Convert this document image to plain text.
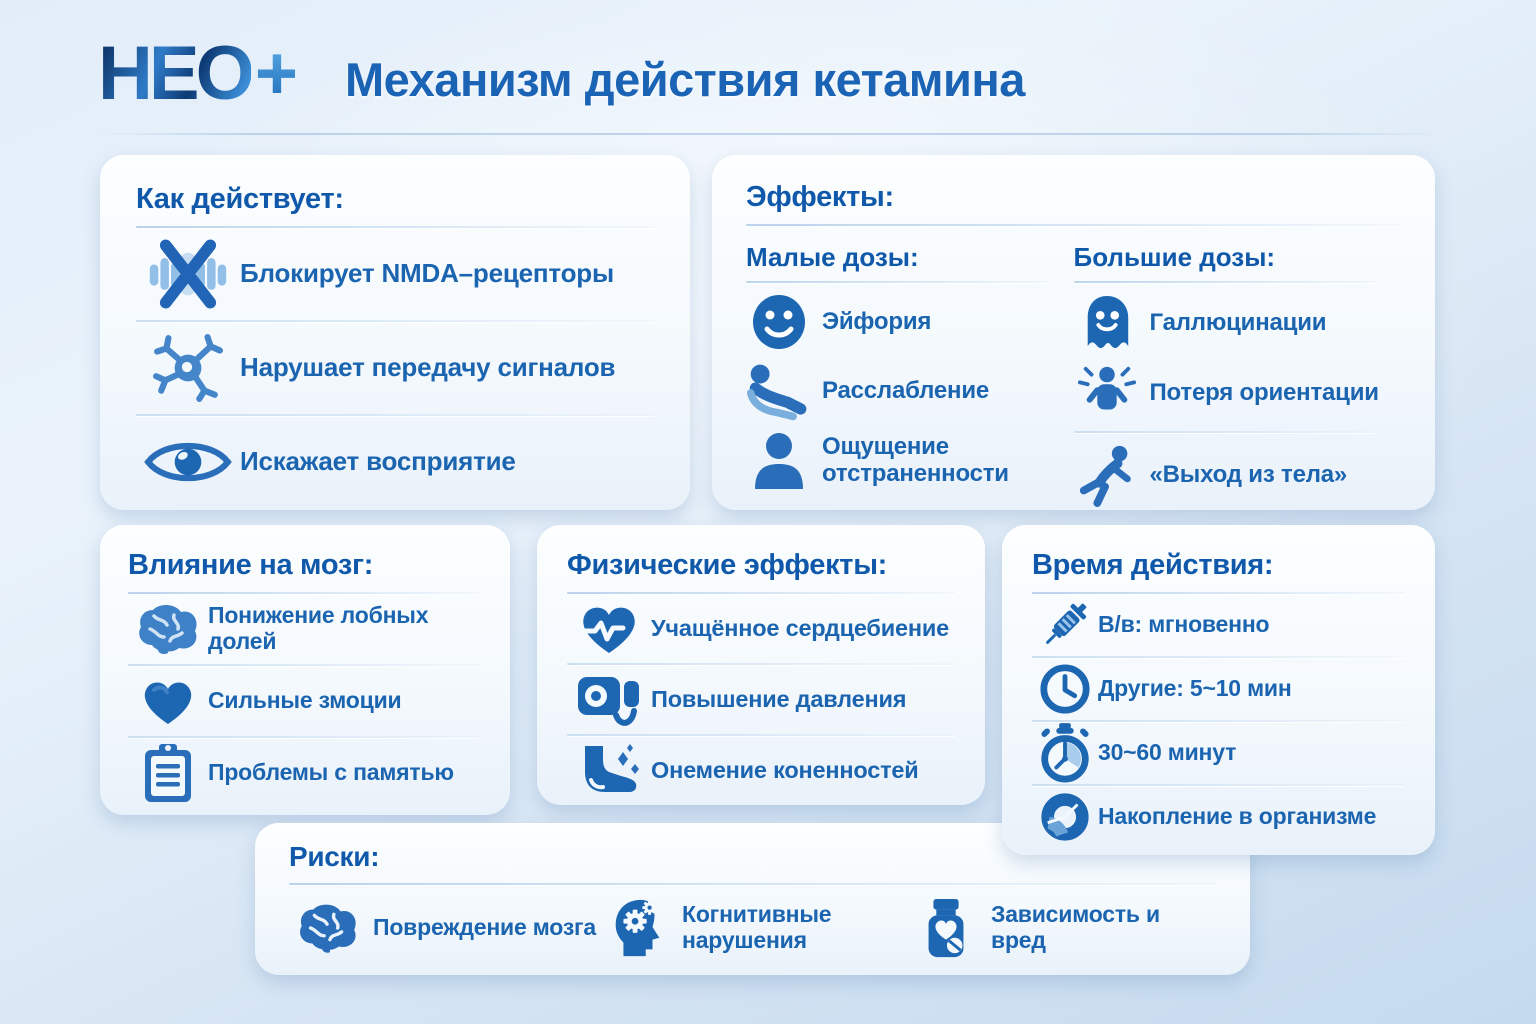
НЕО+ Механизм действия кетамина
Как действует:
Блокирует NMDA–рецепторы
Нарушает передачу сигналов
Искажает восприятие
Эффекты:
Малые дозы:
Эйфория
Расслабление
Ощущение отстраненности
Большие дозы:
Галлюцинации
Потеря ориентации
«Выход из тела»
Влияние на мозг:
Понижение лобных долей
Сильные змоции
Проблемы с памятью
Физические эффекты:
Учащённое сердцебиение
Повышение давления
Онемение коненностей
Время действия:
В/в: мгновенно
Другие: 5~10 мин
30~60 минут
Накопление в организме
Риски:
Повреждение мозга	Когнитивные нарушения
Зависимость и вред
